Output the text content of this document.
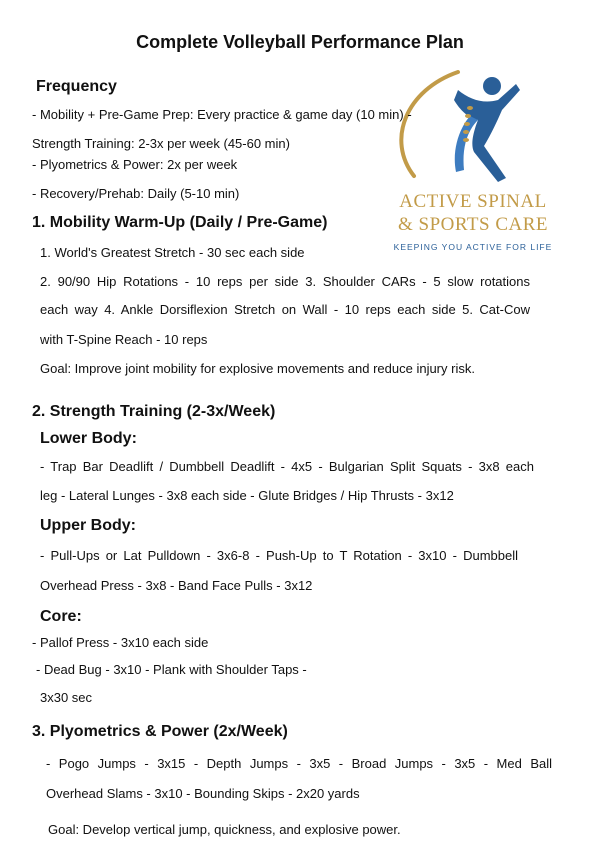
Complete Volleyball Performance Plan
ACTIVE SPINAL
& SPORTS CARE
KEEPING YOU ACTIVE FOR LIFE
Frequency
- Mobility + Pre-Game Prep: Every practice & game day (10 min) -
Strength Training: 2-3x per week (45-60 min)
- Plyometrics & Power: 2x per week
- Recovery/Prehab: Daily (5-10 min)
1. Mobility Warm-Up (Daily / Pre-Game)
1. World's Greatest Stretch - 30 sec each side
2. 90/90 Hip Rotations - 10 reps per side 3. Shoulder CARs - 5 slow rotations
each way 4. Ankle Dorsiflexion Stretch on Wall - 10 reps each side 5. Cat-Cow
with T-Spine Reach - 10 reps
Goal: Improve joint mobility for explosive movements and reduce injury risk.
2. Strength Training (2-3x/Week)
Lower Body:
- Trap Bar Deadlift / Dumbbell Deadlift - 4x5 - Bulgarian Split Squats - 3x8 each
leg - Lateral Lunges - 3x8 each side - Glute Bridges / Hip Thrusts - 3x12
Upper Body:
- Pull-Ups or Lat Pulldown - 3x6-8 - Push-Up to T Rotation - 3x10 - Dumbbell
Overhead Press - 3x8 - Band Face Pulls - 3x12
Core:
- Pallof Press - 3x10 each side
- Dead Bug - 3x10 - Plank with Shoulder Taps -
3x30 sec
3. Plyometrics & Power (2x/Week)
- Pogo Jumps - 3x15 - Depth Jumps - 3x5 - Broad Jumps - 3x5 - Med Ball
Overhead Slams - 3x10 - Bounding Skips - 2x20 yards
Goal: Develop vertical jump, quickness, and explosive power.
